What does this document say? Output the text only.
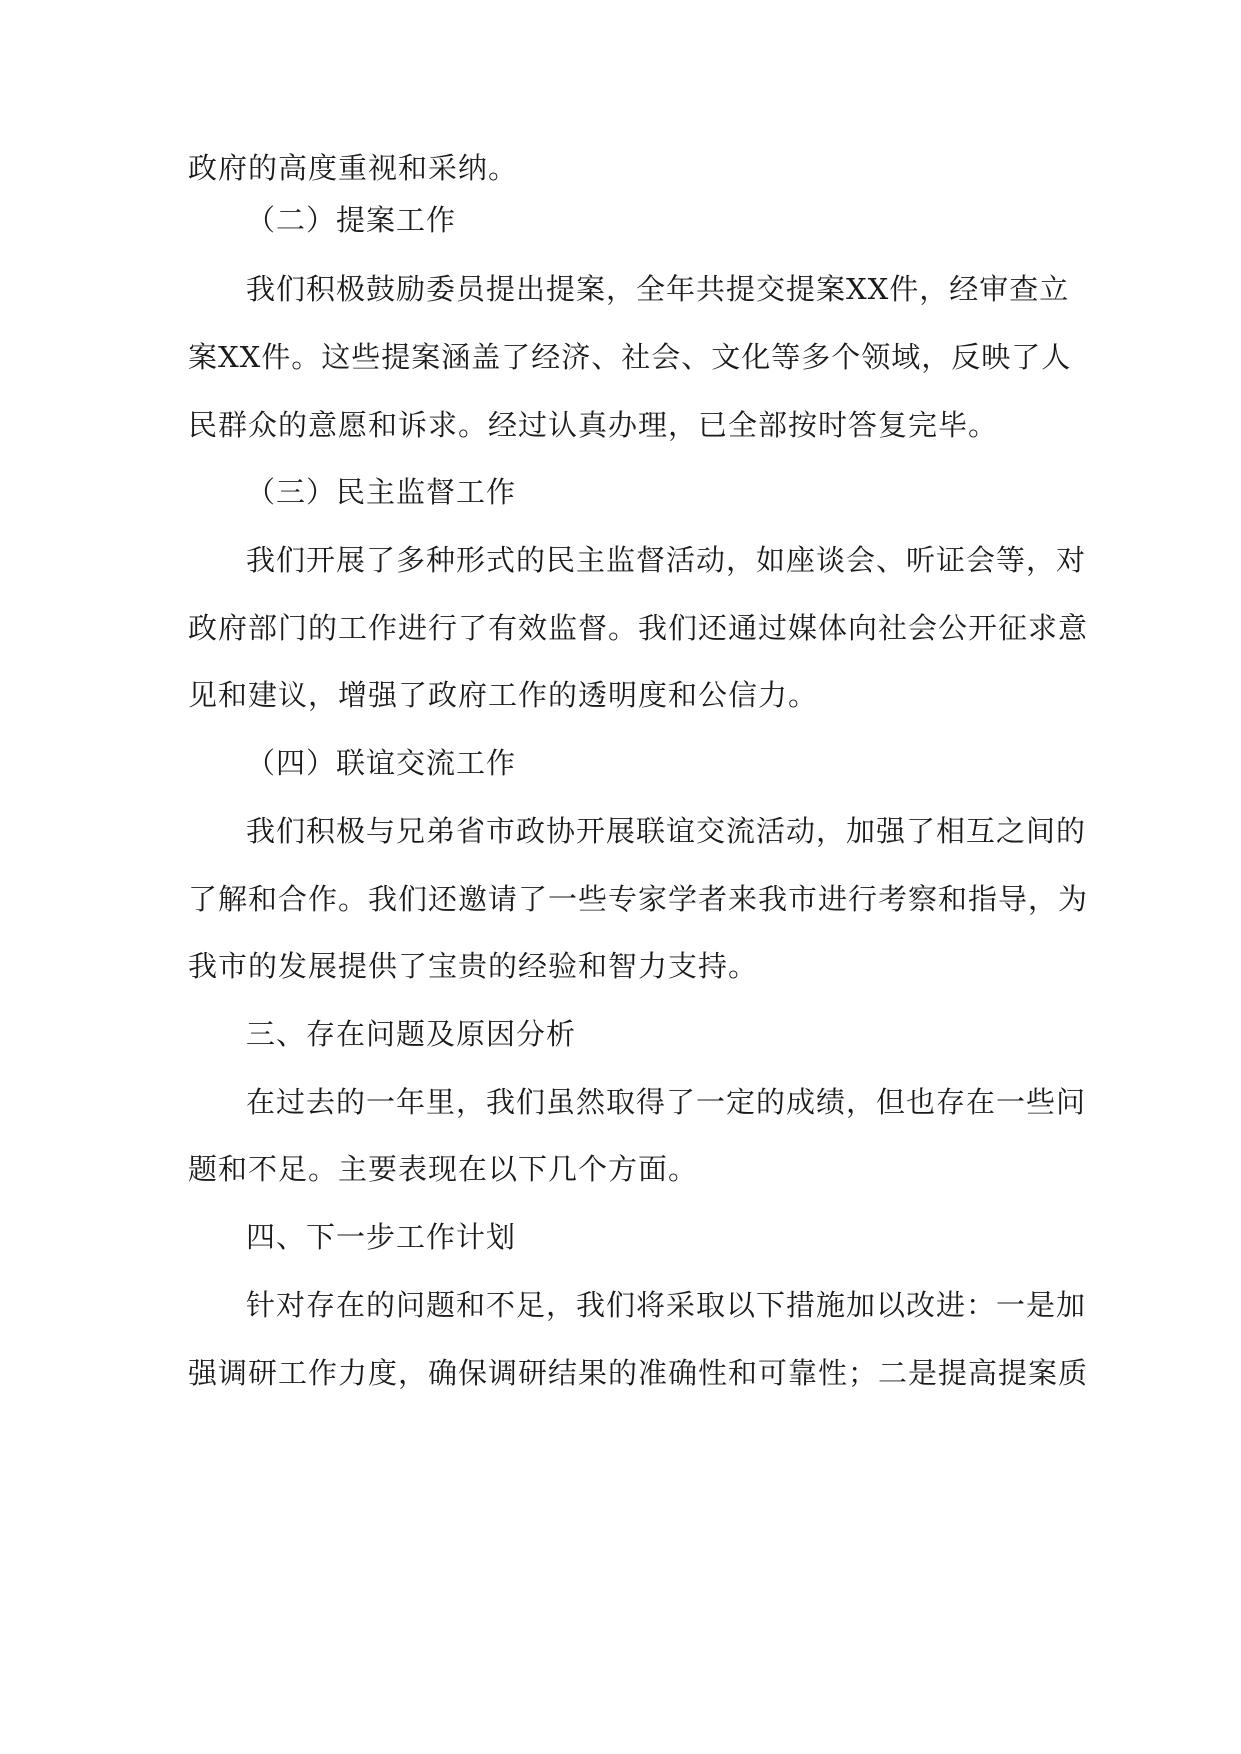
政府的高度重视和采纳。
（二）提案工作
我们积极鼓励委员提出提案，全年共提交提案XX件，经审查立
案XX件。这些提案涵盖了经济、社会、文化等多个领域，反映了人
民群众的意愿和诉求。经过认真办理，已全部按时答复完毕。
（三）民主监督工作
我们开展了多种形式的民主监督活动，如座谈会、听证会等，对
政府部门的工作进行了有效监督。我们还通过媒体向社会公开征求意
见和建议，增强了政府工作的透明度和公信力。
（四）联谊交流工作
我们积极与兄弟省市政协开展联谊交流活动，加强了相互之间的
了解和合作。我们还邀请了一些专家学者来我市进行考察和指导，为
我市的发展提供了宝贵的经验和智力支持。
三、存在问题及原因分析
在过去的一年里，我们虽然取得了一定的成绩，但也存在一些问
题和不足。主要表现在以下几个方面。
四、下一步工作计划
针对存在的问题和不足，我们将采取以下措施加以改进：一是加
强调研工作力度，确保调研结果的准确性和可靠性；二是提高提案质
